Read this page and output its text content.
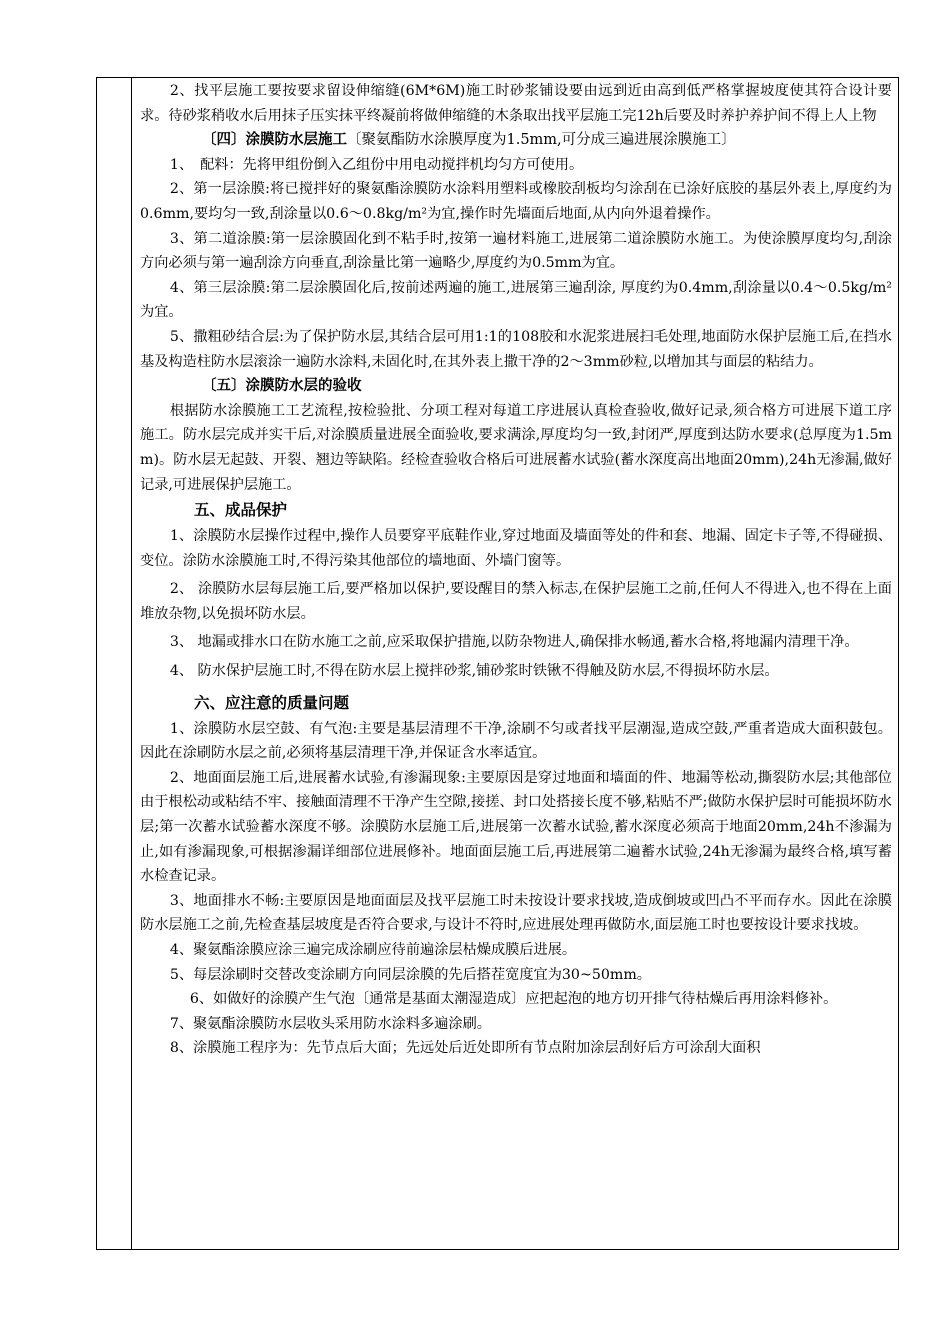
2、找平层施工要按要求留设伸缩缝(6M*6M)施工时砂浆铺设要由远到近由高到低严格掌握坡度使其符合设计要求。待砂浆稍收水后用抹子压实抹平终凝前将做伸缩缝的木条取出找平层施工完12h后要及时养护养护间不得上人上物

〔四〕涂膜防水层施工〔聚氨酯防水涂膜厚度为1.5mm,可分成三遍进展涂膜施工〕

1、　配料：先将甲组份倒入乙组份中用电动搅拌机均匀方可使用。

2、第一层涂膜:将已搅拌好的聚氨酯涂膜防水涂料用塑料或橡胶刮板均匀涂刮在已涂好底胶的基层外表上,厚度约为0.6mm,要均匀一致,刮涂量以0.6～0.8kg/m²为宜,操作时先墙面后地面,从内向外退着操作。

3、第二道涂膜:第一层涂膜固化到不粘手时,按第一遍材料施工,进展第二道涂膜防水施工。为使涂膜厚度均匀,刮涂方向必须与第一遍刮涂方向垂直,刮涂量比第一遍略少,厚度约为0.5mm为宜。

4、第三层涂膜:第二层涂膜固化后,按前述两遍的施工,进展第三遍刮涂, 厚度约为0.4mm,刮涂量以0.4～0.5kg/m²为宜。

5、撒粗砂结合层:为了保护防水层,其结合层可用1:1的108胶和水泥浆进展扫毛处理,地面防水保护层施工后,在挡水基及构造柱防水层滚涂一遍防水涂料,未固化时,在其外表上撒干净的2～3mm砂粒,以增加其与面层的粘结力。

〔五〕涂膜防水层的验收

根据防水涂膜施工工艺流程,按检验批、分项工程对每道工序进展认真检查验收,做好记录,须合格方可进展下道工序施工。防水层完成并实干后,对涂膜质量进展全面验收,要求满涂,厚度均匀一致,封闭严,厚度到达防水要求(总厚度为1.5mm)。防水层无起鼓、开裂、翘边等缺陷。经检查验收合格后可进展蓄水试验(蓄水深度高出地面20mm),24h无渗漏,做好记录,可进展保护层施工。

五、成品保护

1、涂膜防水层操作过程中,操作人员要穿平底鞋作业,穿过地面及墙面等处的件和套、地漏、固定卡子等,不得碰损、变位。涂防水涂膜施工时,不得污染其他部位的墙地面、外墙门窗等。

2、 涂膜防水层每层施工后,要严格加以保护,要设醒目的禁入标志,在保护层施工之前,任何人不得进入,也不得在上面堆放杂物,以免损坏防水层。

3、 地漏或排水口在防水施工之前,应采取保护措施,以防杂物进人,确保排水畅通,蓄水合格,将地漏内清理干净。

4、 防水保护层施工时,不得在防水层上搅拌砂浆,铺砂浆时铁锹不得触及防水层,不得损坏防水层。

六、应注意的质量问题

1、涂膜防水层空鼓、有气泡:主要是基层清理不干净,涂刷不匀或者找平层潮湿,造成空鼓,严重者造成大面积鼓包。因此在涂刷防水层之前,必须将基层清理干净,并保证含水率适宜。

2、地面面层施工后,进展蓄水试验,有渗漏现象:主要原因是穿过地面和墙面的件、地漏等松动,撕裂防水层;其他部位由于根松动或粘结不牢、接触面清理不干净产生空隙,接搓、封口处搭接长度不够,粘贴不严;做防水保护层时可能损坏防水层;第一次蓄水试验蓄水深度不够。涂膜防水层施工后,进展第一次蓄水试验,蓄水深度必须高于地面20mm,24h不渗漏为止,如有渗漏现象,可根据渗漏详细部位进展修补。地面面层施工后,再进展第二遍蓄水试验,24h无渗漏为最终合格,填写蓄水检查记录。

3、地面排水不畅:主要原因是地面面层及找平层施工时未按设计要求找坡,造成倒坡或凹凸不平而存水。因此在涂膜防水层施工之前,先检查基层坡度是否符合要求,与设计不符时,应进展处理再做防水,面层施工时也要按设计要求找坡。

4、聚氨酯涂膜应涂三遍完成涂刷应待前遍涂层枯燥成膜后进展。

5、每层涂刷时交替改变涂刷方向同层涂膜的先后搭茬宽度宜为30~50mm。

6、如做好的涂膜产生气泡〔通常是基面太潮湿造成〕应把起泡的地方切开排气待枯燥后再用涂料修补。

7、聚氨酯涂膜防水层收头采用防水涂料多遍涂刷。

8、涂膜施工程序为：先节点后大面；先远处后近处即所有节点附加涂层刮好后方可涂刮大面积
